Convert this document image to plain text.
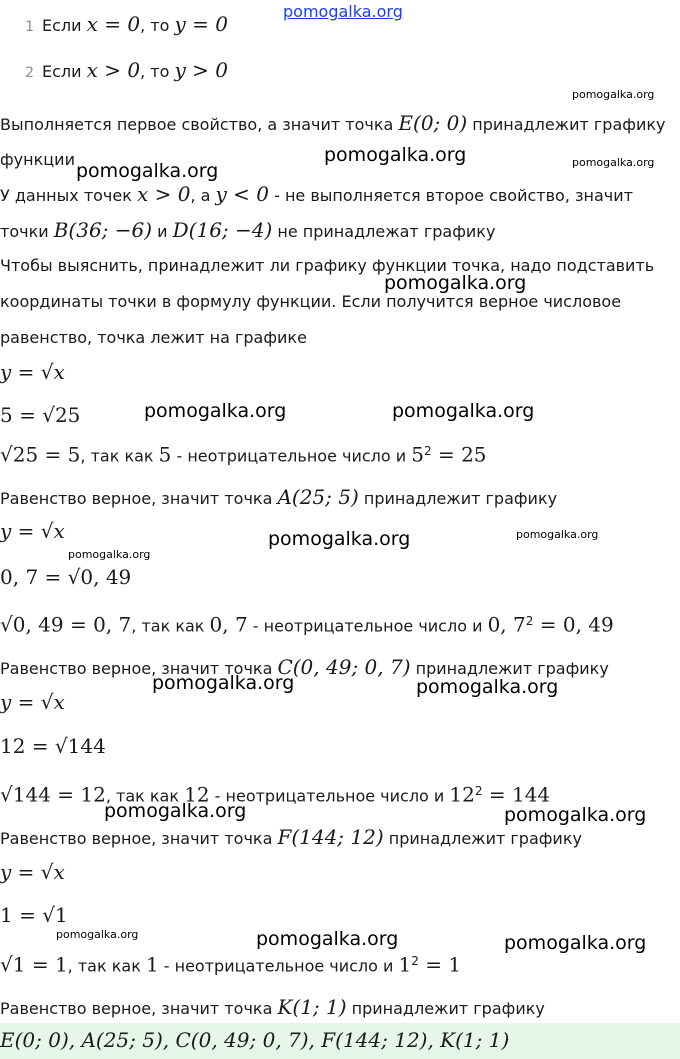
1 Если x = 0, то y = 0
2 Если x > 0, то y > 0
Выполняется первое свойство, а значит точка E(0; 0) принадлежит графику
функции
У данных точек x > 0, а y < 0 - не выполняется второе свойство, значит
точки B(36; −6) и D(16; −4) не принадлежат графику
Чтобы выяснить, принадлежит ли графику функции точка, надо подставить
координаты точки в формулу функции. Если получится верное числовое
равенство, точка лежит на графике
y = √x
5 = √25
√25 = 5, так как 5 - неотрицательное число и $5^2 = 25$
Равенство верное, значит точка A(25; 5) принадлежит графику
y = √x
0, 7 = √0, 49
√0, 49 = 0, 7, так как 0, 7 - неотрицательное число и 0, $7^2 = 0$, 49
Равенство верное, значит точка C(0, 49; 0, 7) принадлежит графику
y = √x
12 = √144
√144 = 12, так как 12 - неотрицательное число и $12^2 = 144$
Равенство верное, значит точка F(144; 12) принадлежит графику
y = √x
1 = √1
√1 = 1, так как 1 - неотрицательное число и $1^2 = 1$
Равенство верное, значит точка K(1; 1) принадлежит графику
E(0; 0), A(25; 5), C(0, 49; 0, 7), F(144; 12), K(1; 1)
pomogalka.org
pomogalka.org
pomogalka.org
pomogalka.org	pomogalka.org
pomogalka.org
pomogalka.org	pomogalka.org
pomogalka.org	pomogalka.org
pomogalka.org
pomogalka.org	pomogalka.org
pomogalka.org	pomogalka.org
pomogalka.org	pomogalka.org	pomogalka.org
